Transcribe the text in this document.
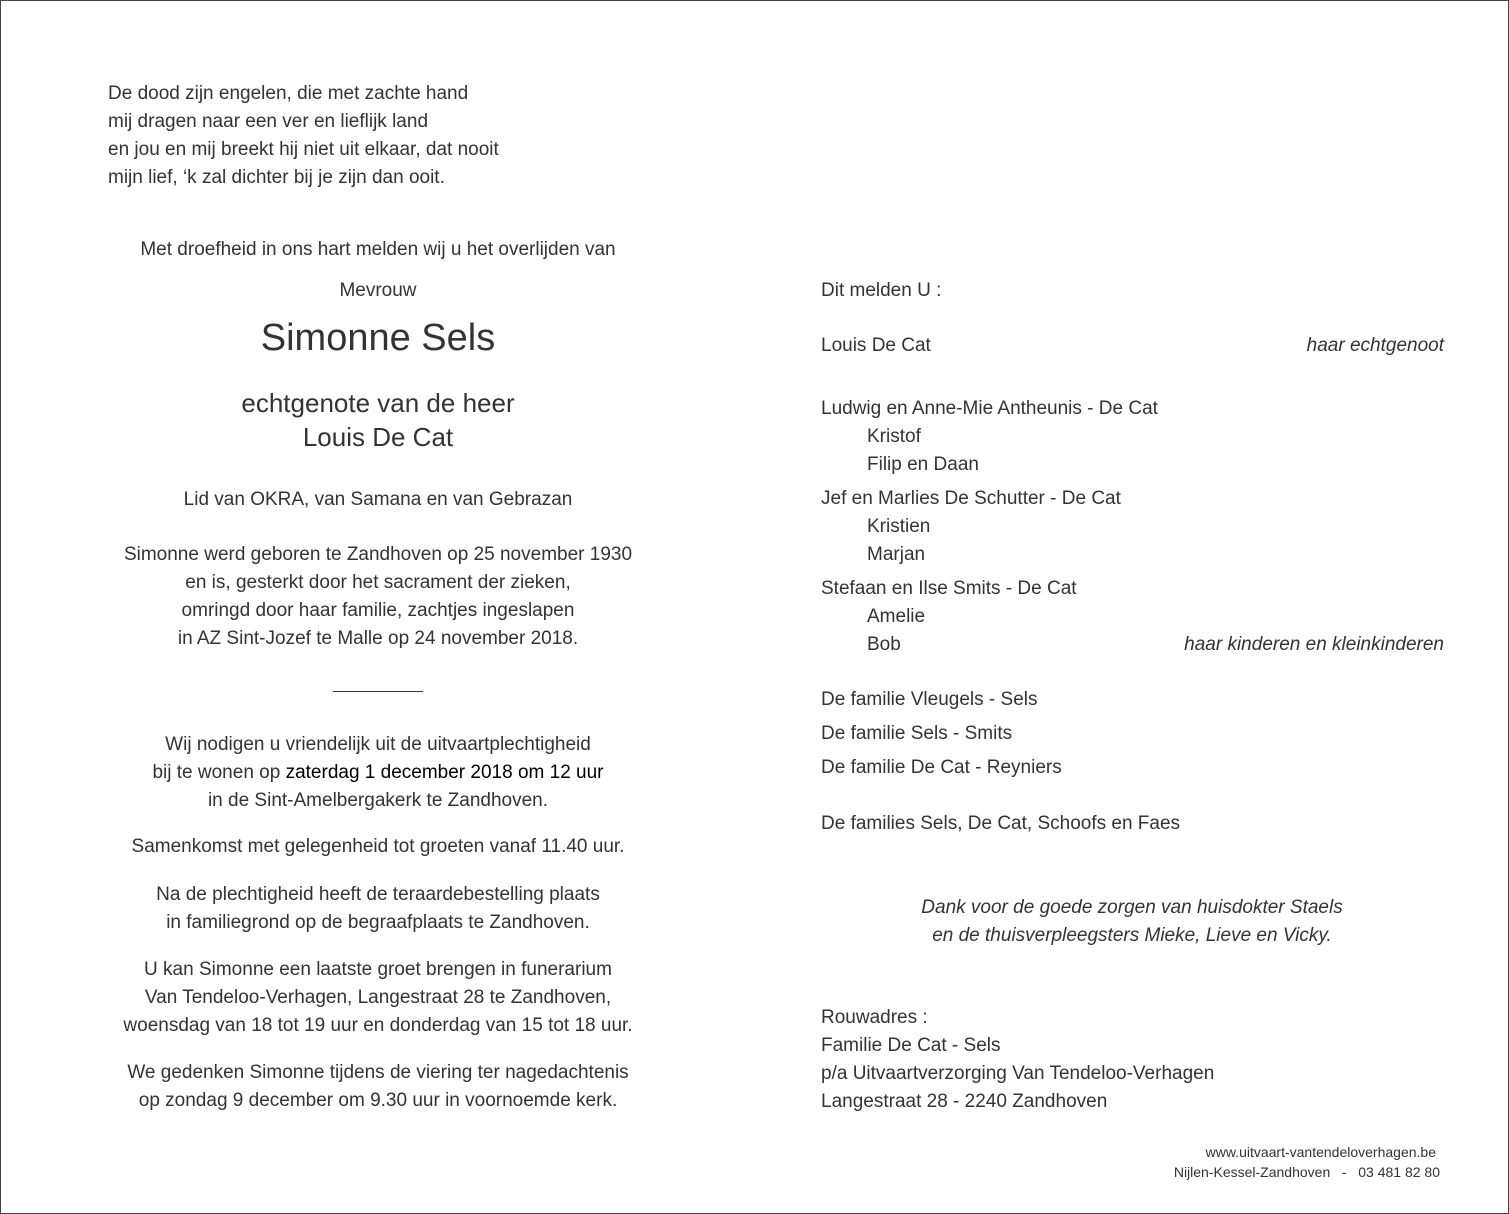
De dood zijn engelen, die met zachte hand
mij dragen naar een ver en lieflijk land
en jou en mij breekt hij niet uit elkaar, dat nooit
mijn lief, ‘k zal dichter bij je zijn dan ooit.
Met droefheid in ons hart melden wij u het overlijden van
Mevrouw
Simonne Sels
echtgenote van de heer
Louis De Cat
Lid van OKRA, van Samana en van Gebrazan
Simonne werd geboren te Zandhoven op 25 november 1930
en is, gesterkt door het sacrament der zieken,
omringd door haar familie, zachtjes ingeslapen
in AZ Sint-Jozef te Malle op 24 november 2018.
Wij nodigen u vriendelijk uit de uitvaartplechtigheid
bij te wonen op zaterdag 1 december 2018 om 12 uur
in de Sint-Amelbergakerk te Zandhoven.
Samenkomst met gelegenheid tot groeten vanaf 11.40 uur.
Na de plechtigheid heeft de teraardebestelling plaats
in familiegrond op de begraafplaats te Zandhoven.
U kan Simonne een laatste groet brengen in funerarium
Van Tendeloo-Verhagen, Langestraat 28 te Zandhoven,
woensdag van 18 tot 19 uur en donderdag van 15 tot 18 uur.
We gedenken Simonne tijdens de viering ter nagedachtenis
op zondag 9 december om 9.30 uur in voornoemde kerk.
Dit melden U :
Louis De Cat	haar echtgenoot
Ludwig en Anne-Mie Antheunis - De Cat
Kristof
Filip en Daan
Jef en Marlies De Schutter - De Cat
Kristien
Marjan
Stefaan en Ilse Smits - De Cat
Amelie
Bob	haar kinderen en kleinkinderen
De familie Vleugels - Sels
De familie Sels - Smits
De familie De Cat - Reyniers
De families Sels, De Cat, Schoofs en Faes
Dank voor de goede zorgen van huisdokter Staels
en de thuisverpleegsters Mieke, Lieve en Vicky.
Rouwadres :
Familie De Cat - Sels
p/a Uitvaartverzorging Van Tendeloo-Verhagen
Langestraat 28 - 2240 Zandhoven
www.uitvaart-vantendeloverhagen.be
Nijlen-Kessel-Zandhoven   -   03 481 82 80
